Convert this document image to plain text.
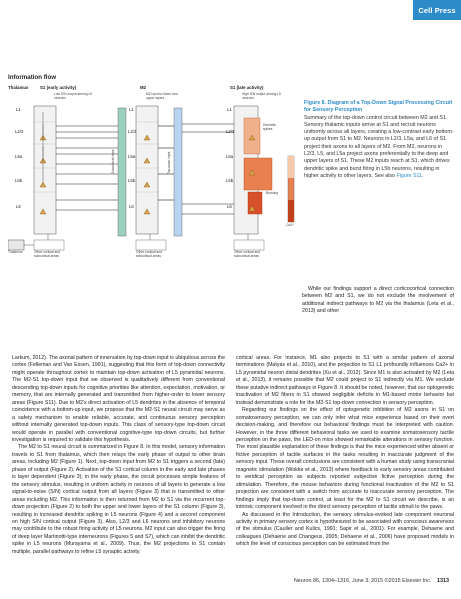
Cell Press
Information flow
Thalamus	S1 (early activity)	M2	S1 (late activity)
Low S/N output among L5 neurons
M2 input to lower and upper layers
High S/N output among L5 neurons
L1
L2/3
L5a
L5b
L6
L1
L2/3
L5a
L5b
L6
L1
L2/3
L5a
L5b
L6
Subcortical input	Top-down input
Dendritic spikes
Bursting
Ca2+
Thalamus	Other cortical and subcortical areas
Other cortical and subcortical areas
Other cortical and subcortical areas
Figure 8. Diagram of a Top-Down Signal Processing Circuit for Sensory Perception
Summary of the top-down control circuit between M2 and S1. Sensory thalamic inputs arrive at S1 and recruit neurons uniformly across all layers, creating a low-contrast early bottom-up output from S1 to M2. Neurons in L2/3, L5a, and L6 of S1 project their axons to all layers of M2. From M2, neurons in L2/3, L5, and L5a project axons preferentially to the deep and upper layers of S1. These M2 inputs reach at S1, which drives dendritic spike and burst firing in L5b neurons, resulting in higher activity to other layers. See also Figure S11.

While our findings support a direct corticocortical connection between M2 and S1, we do not exclude the involvement of additional indirect pathways to M2 via the thalamus (Leta et al., 2013) and other

Larkum, 2012). The axonal pattern of innervation by top-down input is ubiquitous across the cortex (Felleman and Van Essen, 1991), suggesting that this form of top-down connectivity might operate throughout cortex to maintain top-down activation of L5 pyramidal neurons. The M2-S1 top-down input that we observed is qualitatively different from conventional descending top-down inputs for cognitive priorities like attention, expectation, motivation, or memory, that are internally generated and transmitted from higher-order to lower sensory areas (Figure S11). Due to M2's direct activation of L5 dendrites in the absence of temporal coincidence with a bottom-up input, we propose that the M2-S1 neural circuit may serve as a safety mechanism to enable reliable, accurate, and continuous sensory perception without internally generated top-down inputs. This class of sensory-type top-down circuit would operate in parallel with conventional cognitive-type top-down circuits, but further investigation is required to validate this hypothesis.

The M2 to S1 neural circuit is summarized in Figure 8. In this model, sensory information travels to S1 from thalamus, which then relays the early phase of output to other brain areas, including M2 (Figure 1). Next, top-down input from M2 to S1 triggers a second (late) phase of output (Figure 2). Activation of the S1 cortical column in the early and late phases is layer dependent (Figure 3); in the early phase, the circuit processes simple features of the sensory stimulus, resulting in uniform activity in neurons of all layers to generate a low signal-to-noise (S/N) cortical output from all layers (Figure 3) that is transmitted to other areas including M2. This information is then returned from M2 to S1 via the recurrent top-down projection (Figure 2) to both the upper and lower layers of the S1 column (Figure 3), resulting in increased dendritic spiking in L5 neurons (Figure 4) and a second component on high S/N cortical output (Figure 3). Also, L2/3 and L6 neurons and inhibitory neurons may contribute to the robust firing activity of L5 neurons. M2 input can also trigger the firing of deep layer Martinotti-type interneurons (Figures 5 and S7), which can inhibit the dendritic spike in L5 neurons (Murayama et al., 2009). Thus, the M2 projections to S1 contain multiple, parallel pathways to refine L5 synaptic activity.

cortical areas. For instance, M1 also projects to S1 with a similar pattern of axonal terminations (Matyas et al., 2010), and the projection to S1 L1 profoundly influences Ca2+ in L5 pyramidal neuron distal dendrites (Xu et al., 2012). Since M1 is also activated by M2 (Leta et al., 2013), it remains possible that M2 could project to S1 indirectly via M1. We exclude these putative indirect pathways in Figure 8. It should be noted, however, that our optogenetic inactivation of M2 fibers in S1 showed negligible deficits in M1-based motor behavior but instead demonstrate a role for the M2-S1 top-down connection in sensory perception.

Regarding our findings on the effect of optogenetic inhibition of M2 axons in S1 on somatosensory perception, we can only infer what mice experience based on their overt decision-making, and therefore our behavioral findings must be interpreted with caution. However, in the three different behavioral tasks we used to examine somatosensory tactile perception on the paws, the LED-on mice showed remarkable alterations in sensory function. The most plausible explanation of these findings is that the mice experienced either absent or fictive perception of tactile surfaces in the tasks resulting in inaccurate judgment of the sensory input. These overall conclusions are consistent with a human study using transcranial magnetic stimulation (Wokke et al., 2013) where feedback to early sensory areas contributed to veridical perception as subjects reported subjective fictive perception during the stimulation. Therefore, the mouse behaviors during functional inactivation of the M2 to S1 projection are consistent with a switch from accurate to inaccurate sensory perception. The findings imply that top-down control, at least for the M2 to S1 circuit we describe, is an intrinsic component involved in the direct sensory perception of tactile stimuli to the paws.

As discussed in the Introduction, the sensory stimulus-evoked late component neuronal activity in primary sensory cortex is hypothesized to be associated with conscious awareness of the stimulus (Cauller and Kulics, 1991; Sapir et al., 2001). For example, Dehaene and colleagues (Dehaene and Changeux, 2005; Dehaene et al., 2006) have proposed models in which the level of conscious perception can be estimated from the

Neuron 86, 1304–1316, June 3, 2015 ©2015 Elsevier Inc. 1313
